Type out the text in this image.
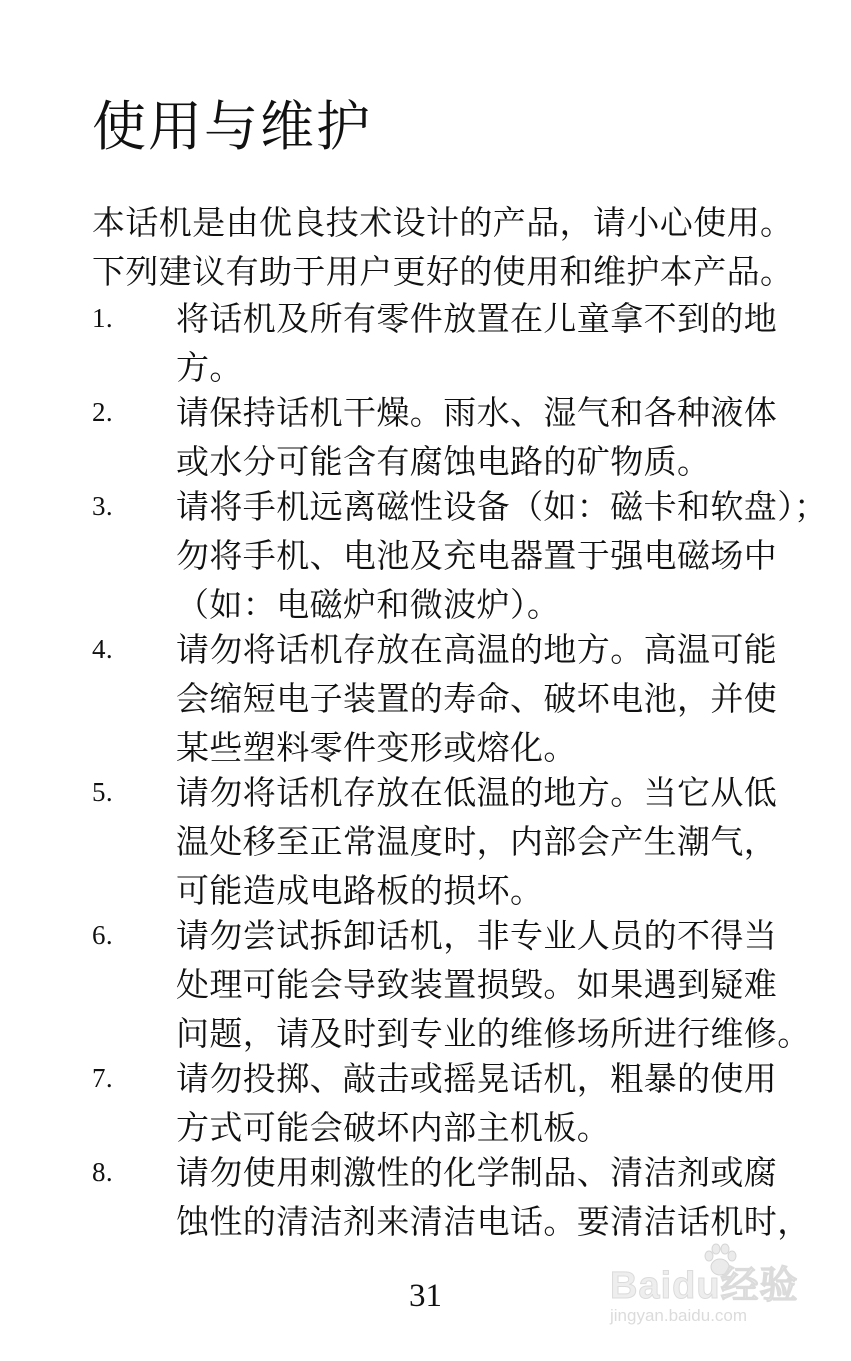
使用与维护
本话机是由优良技术设计的产品，请小心使用。
下列建议有助于用户更好的使用和维护本产品。
1. 将话机及所有零件放置在儿童拿不到的地
方。
2. 请保持话机干燥。雨水、湿气和各种液体
或水分可能含有腐蚀电路的矿物质。
3. 请将手机远离磁性设备（如：磁卡和软盘）；
勿将手机、电池及充电器置于强电磁场中
（如：电磁炉和微波炉）。
4. 请勿将话机存放在高温的地方。高温可能
会缩短电子装置的寿命、破坏电池，并使
某些塑料零件变形或熔化。
5. 请勿将话机存放在低温的地方。当它从低
温处移至正常温度时，内部会产生潮气，
可能造成电路板的损坏。
6. 请勿尝试拆卸话机，非专业人员的不得当
处理可能会导致装置损毁。如果遇到疑难
问题，请及时到专业的维修场所进行维修。
7. 请勿投掷、敲击或摇晃话机，粗暴的使用
方式可能会破坏内部主机板。
8. 请勿使用刺激性的化学制品、清洁剂或腐
蚀性的清洁剂来清洁电话。要清洁话机时，
31	Baidu经验
jingyan.baidu.com
